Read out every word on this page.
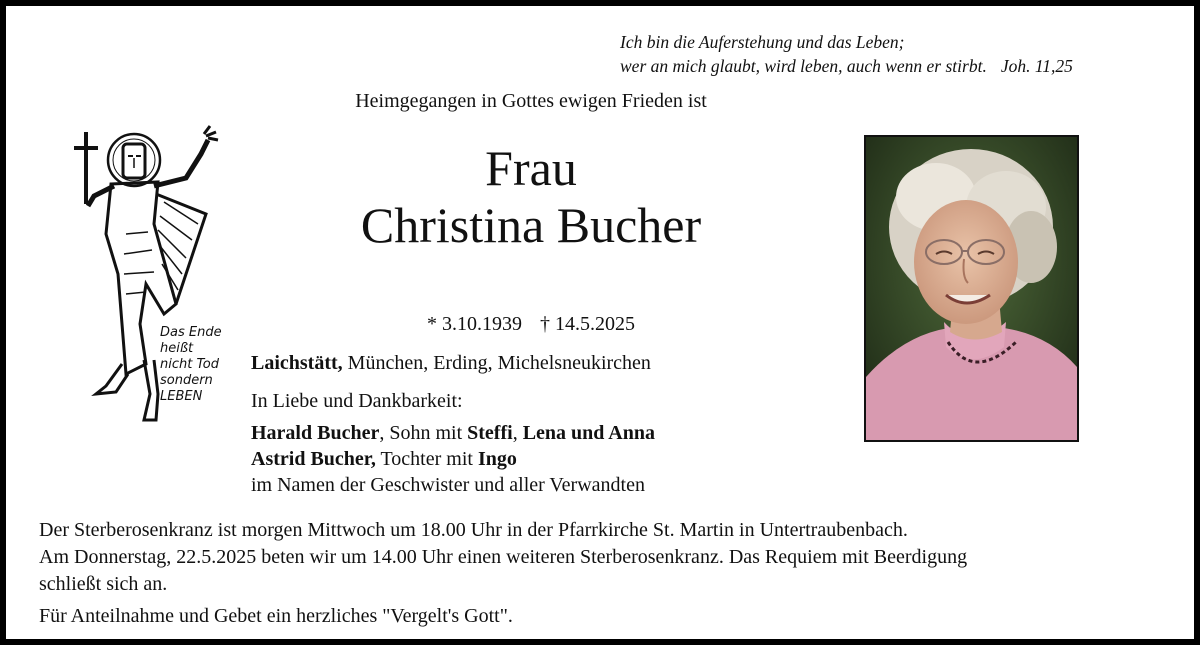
Ich bin die Auferstehung und das Leben;
wer an mich glaubt, wird leben, auch wenn er stirbt. Joh. 11,25
Heimgegangen in Gottes ewigen Frieden ist
Frau
Christina Bucher
* 3.10.1939 † 14.5.2025
Laichstätt, München, Erding, Michelsneukirchen
In Liebe und Dankbarkeit:
Harald Bucher, Sohn mit Steffi, Lena und Anna
Astrid Bucher, Tochter mit Ingo
im Namen der Geschwister und aller Verwandten
Der Sterberosenkranz ist morgen Mittwoch um 18.00 Uhr in der Pfarrkirche St. Martin in Untertraubenbach.
Am Donnerstag, 22.5.2025 beten wir um 14.00 Uhr einen weiteren Sterberosenkranz. Das Requiem mit Beerdigung
schließt sich an.
Für Anteilnahme und Gebet ein herzliches "Vergelt's Gott".
Das Ende
heißt
nicht Tod
sondern
LEBEN
